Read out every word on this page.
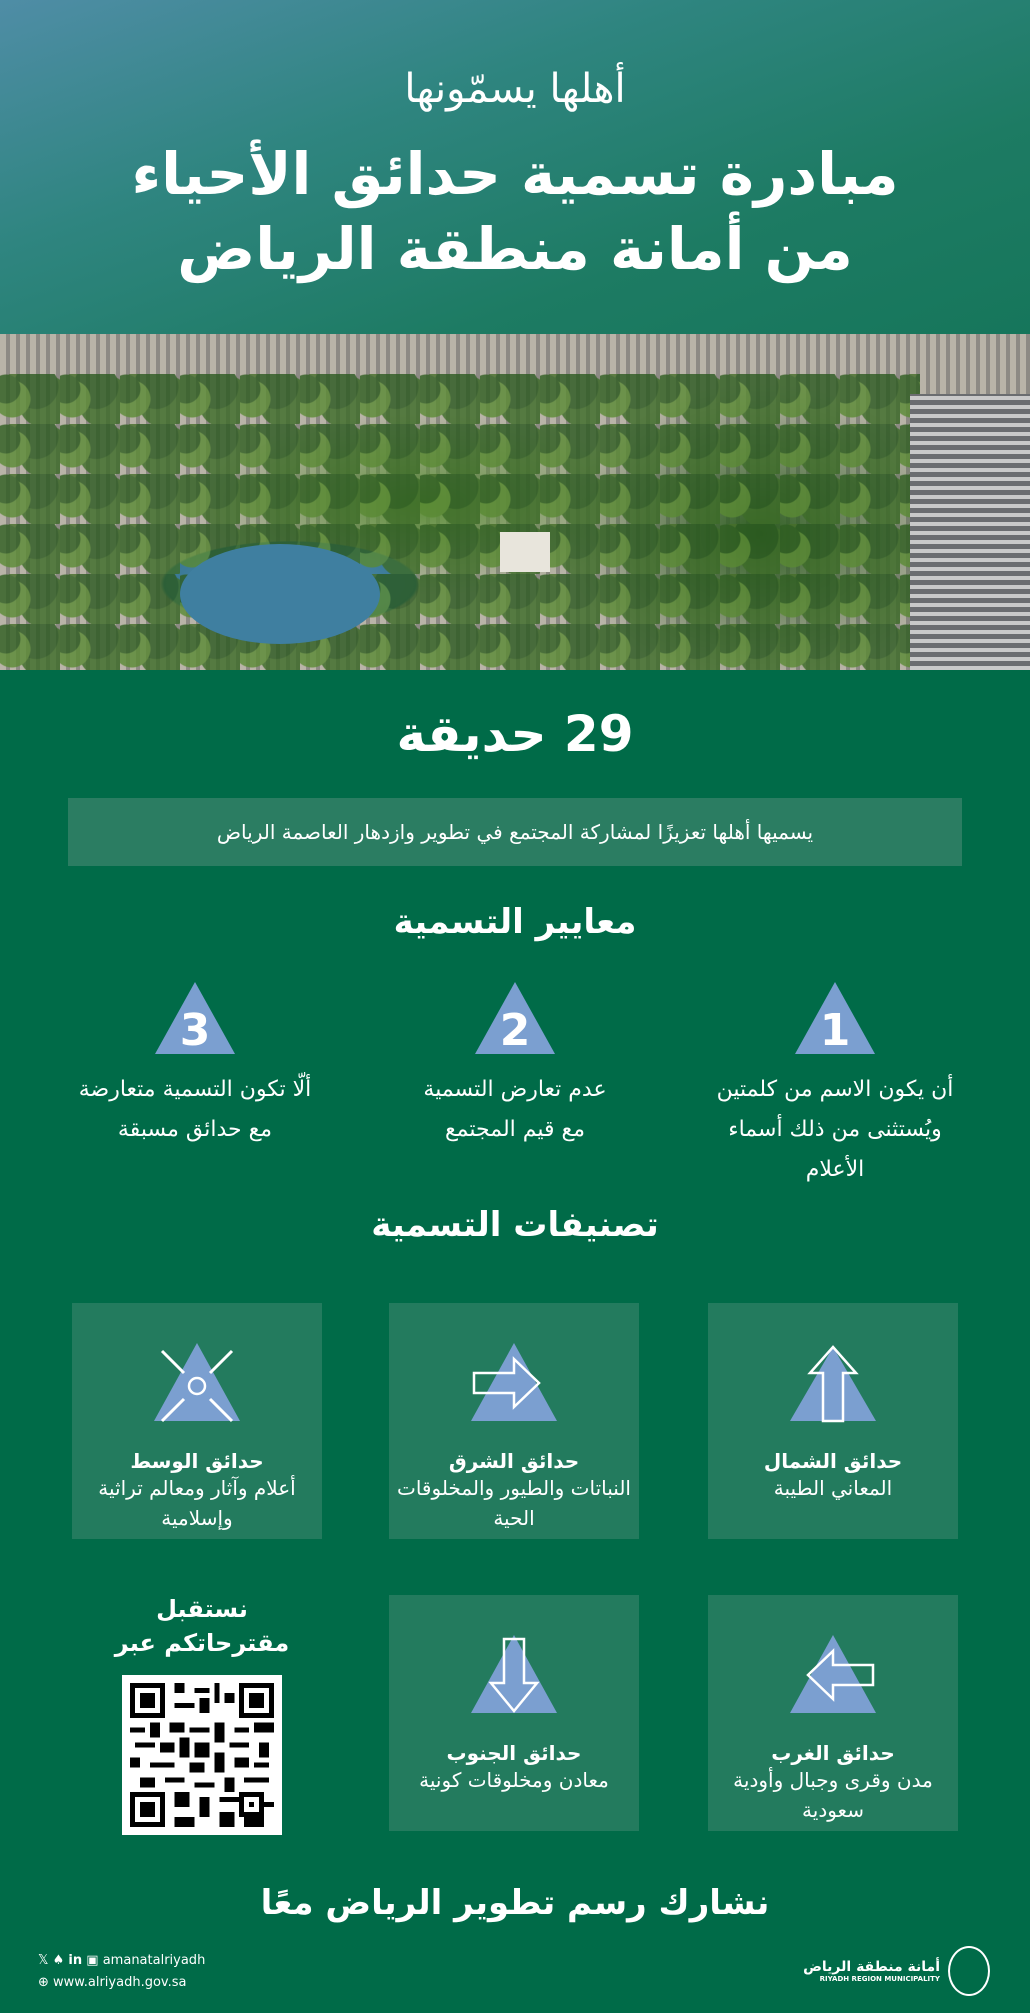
أهلها يسمّونها
مبادرة تسمية حدائق الأحياء
من أمانة منطقة الرياض
29 حديقة
يسميها أهلها تعزيزًا لمشاركة المجتمع في تطوير وازدهار العاصمة الرياض
معايير التسمية
1

أن يكون الاسم من كلمتين ويُستثنى من ذلك أسماء الأعلام

2

عدم تعارض التسمية مع قيم المجتمع

3

ألّا تكون التسمية متعارضة مع حدائق مسبقة

تصنيفات التسمية
حدائق الشمال

المعاني الطيبة

حدائق الشرق

النباتات والطيور والمخلوقات الحية

حدائق الوسط

أعلام وآثار ومعالم تراثية وإسلامية

حدائق الغرب

مدن وقرى وجبال وأودية سعودية

حدائق الجنوب

معادن ومخلوقات كونية

نستقبل
مقترحاتكم عبر
نشارك رسم تطوير الرياض معًا
𝕏 ♠ in ▣ amanatalriyadh
⊕ www.alriyadh.gov.sa
أمانة منطقة الرياض
RIYADH REGION MUNICIPALITY
